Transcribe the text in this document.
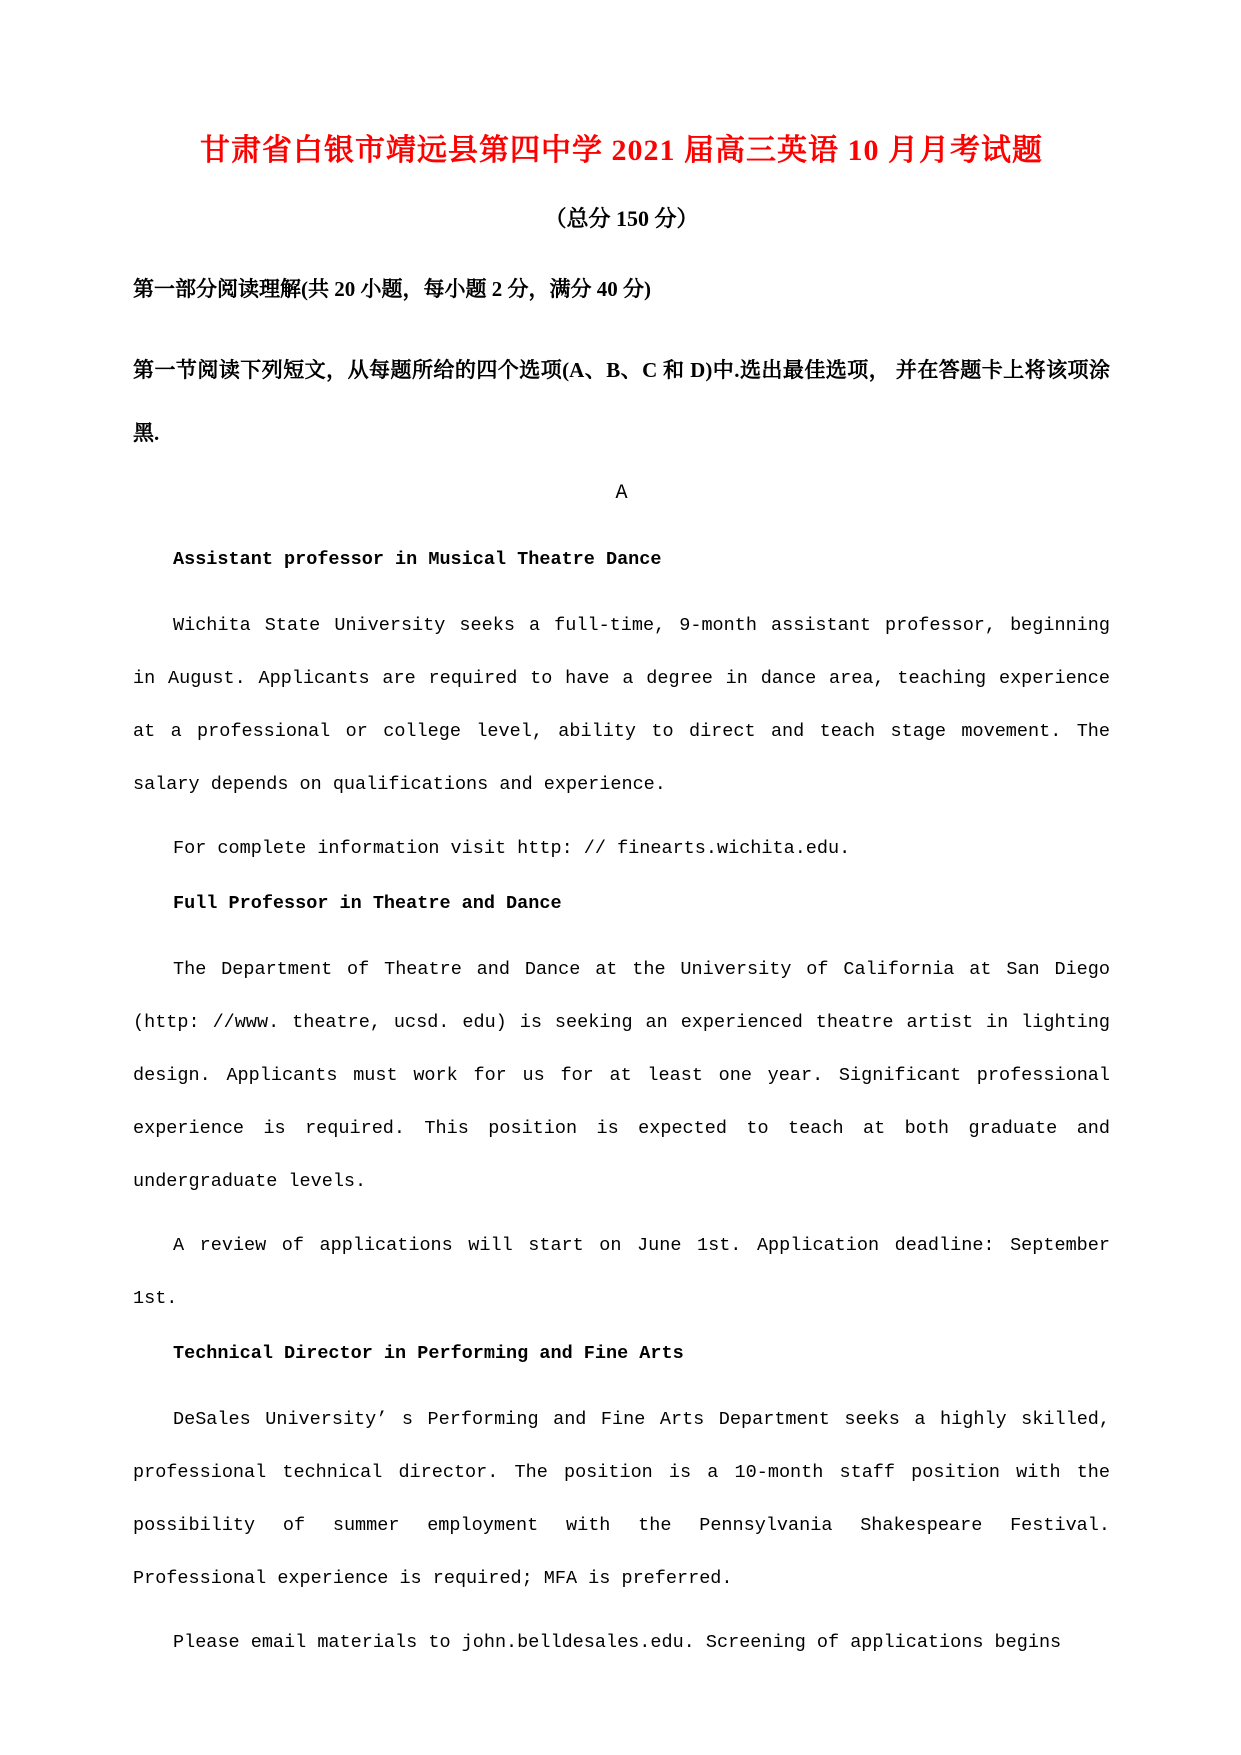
甘肃省白银市靖远县第四中学 2021 届高三英语 10 月月考试题
（总分 150 分）
第一部分阅读理解(共 20 小题，每小题 2 分，满分 40 分)
第一节阅读下列短文，从每题所给的四个选项(A、B、C 和 D)中.选出最佳选项， 并在答题卡上将该项涂黑.
A
Assistant professor in Musical Theatre Dance
Wichita State University seeks a full-time, 9-month assistant professor, beginning in August. Applicants are required to have a degree in dance area, teaching experience at a professional or college level, ability to direct and teach stage movement. The salary depends on qualifications and experience.
For complete information visit http: // finearts.wichita.edu.
Full Professor in Theatre and Dance
The Department of Theatre and Dance at the University of California at San Diego (http: //www. theatre, ucsd. edu) is seeking an experienced theatre artist in lighting design. Applicants must work for us for at least one year. Significant professional experience is required. This position is expected to teach at both graduate and undergraduate levels.
A review of applications will start on June 1st. Application deadline: September 1st.
Technical Director in Performing and Fine Arts
DeSales University’ s Performing and Fine Arts Department seeks a highly skilled, professional technical director. The position is a 10-month staff position with the possibility of summer employment with the Pennsylvania Shakespeare Festival. Professional experience is required; MFA is preferred.
Please email materials to john.belldesales.edu. Screening of applications begins
